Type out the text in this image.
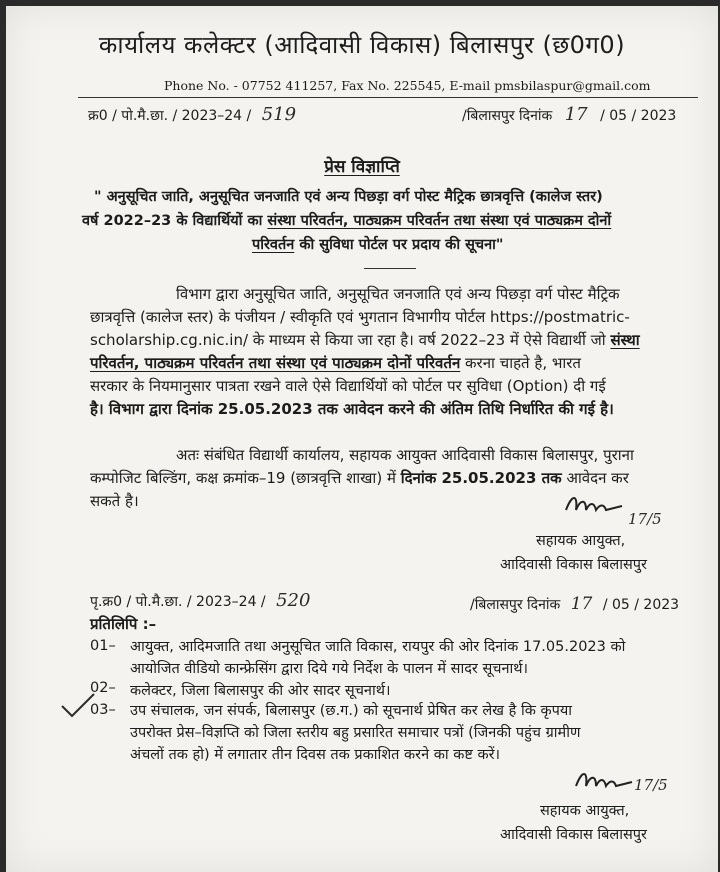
कार्यालय कलेक्टर (आदिवासी विकास) बिलासपुर (छ0ग0)
Phone No. - 07752 411257, Fax No. 225545, E-mail pmsbilaspur@gmail.com
क्र0 / पो.मै.छा. / 2023–24 / 519	/बिलासपुर दिनांक 17 / 05 / 2023
प्रेस विज्ञाप्ति
" अनुसूचित जाति, अनुसूचित जनजाति एवं अन्य पिछड़ा वर्ग पोस्ट मैट्रिक छात्रवृत्ति (कालेज स्तर)
वर्ष 2022–23 के विद्यार्थियों का संस्था परिवर्तन, पाठ्यक्रम परिवर्तन तथा संस्था एवं पाठ्यक्रम दोनों
परिवर्तन की सुविधा पोर्टल पर प्रदाय की सूचना"
विभाग द्वारा अनुसूचित जाति, अनुसूचित जनजाति एवं अन्य पिछड़ा वर्ग पोस्ट मैट्रिक
छात्रवृत्ति (कालेज स्तर) के पंजीयन / स्वीकृति एवं भुगतान विभागीय पोर्टल https://postmatric-
scholarship.cg.nic.in/ के माध्यम से किया जा रहा है। वर्ष 2022–23 में ऐसे विद्यार्थी जो संस्था
परिवर्तन, पाठ्यक्रम परिवर्तन तथा संस्था एवं पाठ्यक्रम दोनों परिवर्तन करना चाहते है, भारत
सरकार के नियमानुसार पात्रता रखने वाले ऐसे विद्यार्थियों को पोर्टल पर सुविधा (Option) दी गई
है। विभाग द्वारा दिनांक 25.05.2023 तक आवेदन करने की अंतिम तिथि निर्धारित की गई है।
अतः संबंधित विद्यार्थी कार्यालय, सहायक आयुक्त आदिवासी विकास बिलासपुर, पुराना
कम्पोजिट बिल्डिंग, कक्ष क्रमांक–19 (छात्रवृत्ति शाखा) में दिनांक 25.05.2023 तक आवेदन कर
सकते है।
17/5
सहायक आयुक्त,
आदिवासी विकास बिलासपुर
पृ.क्र0 / पो.मै.छा. / 2023–24 / 520	/बिलासपुर दिनांक 17 / 05 / 2023
प्रतिलिपि :–
01– आयुक्त, आदिमजाति तथा अनुसूचित जाति विकास, रायपुर की ओर दिनांक 17.05.2023 को
आयोजित वीडियो कान्फ्रेसिंग द्वारा दिये गये निर्देश के पालन में सादर सूचनार्थ।
02– कलेक्टर, जिला बिलासपुर की ओर सादर सूचनार्थ।
03– उप संचालक, जन संपर्क, बिलासपुर (छ.ग.) को सूचनार्थ प्रेषित कर लेख है कि कृपया
उपरोक्त प्रेस–विज्ञप्ति को जिला स्तरीय बहु प्रसारित समाचार पत्रों (जिनकी पहुंच ग्रामीण
अंचलों तक हो) में लगातार तीन दिवस तक प्रकाशित करने का कष्ट करें।
17/5
सहायक आयुक्त,
आदिवासी विकास बिलासपुर
